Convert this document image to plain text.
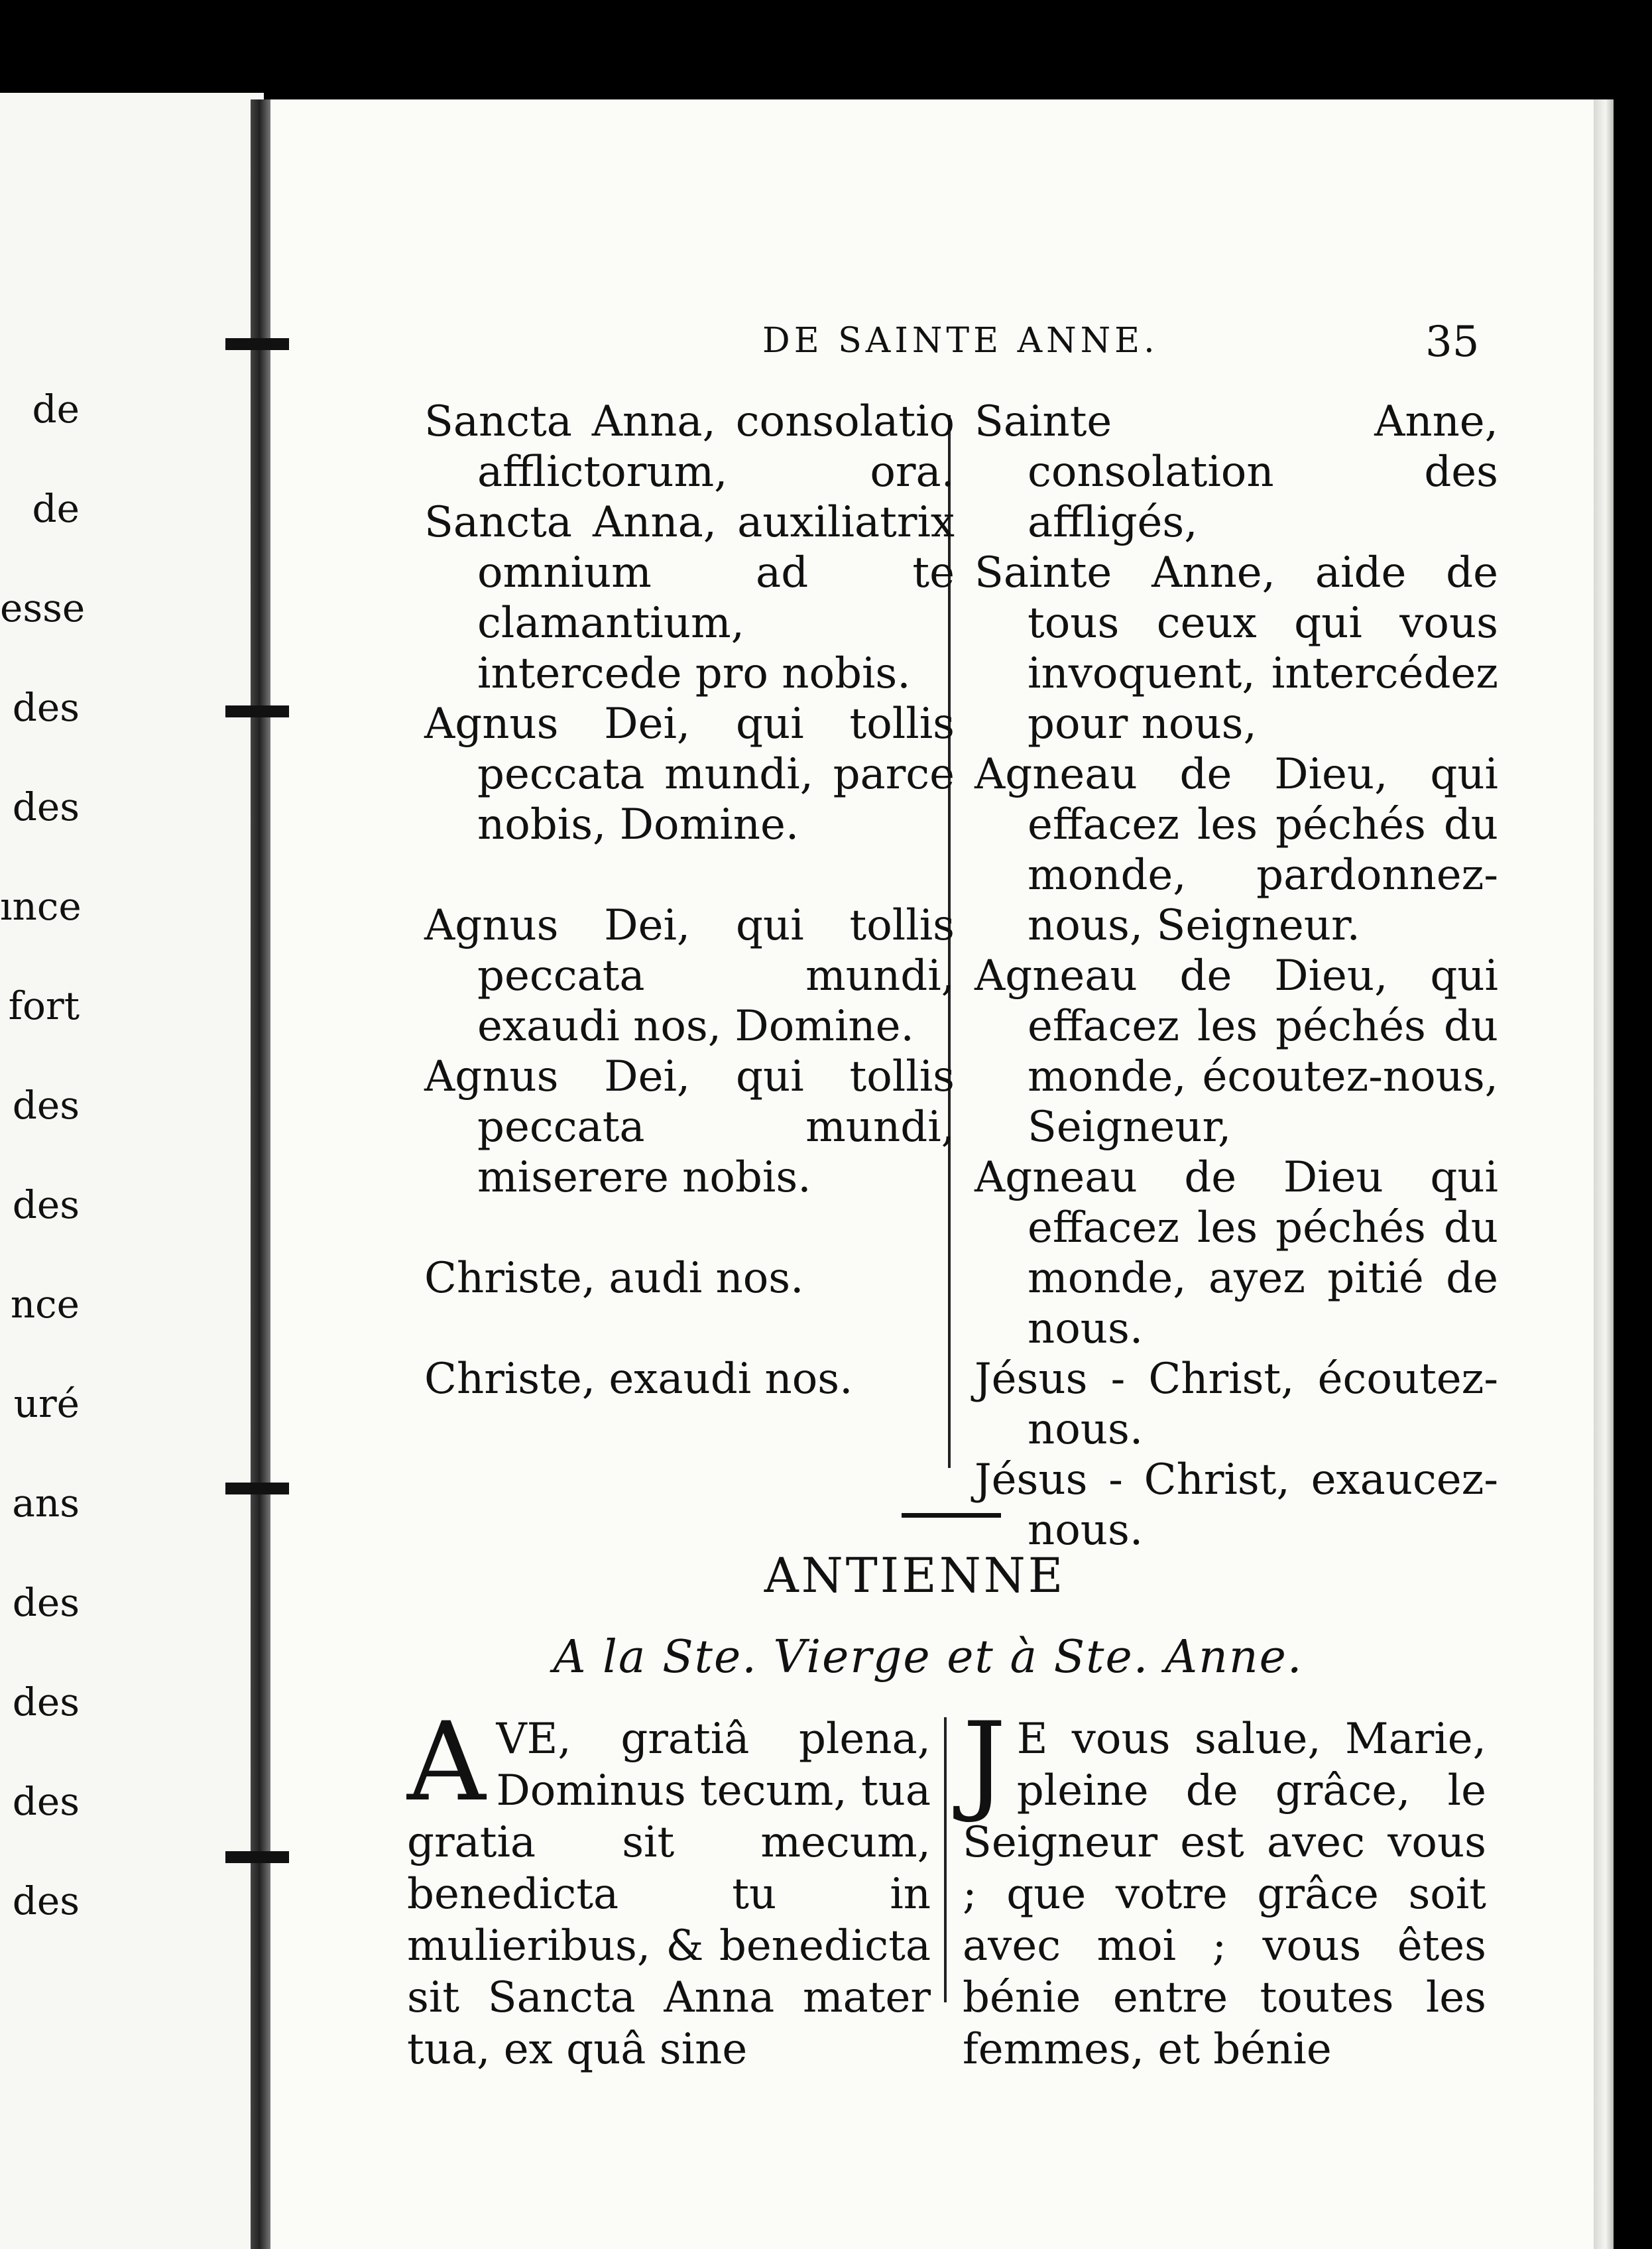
de
de
esse
des
des
ınce
fort
des
des
nce
uré
ans
des
des
des
des
DE SAINTE ANNE.	35

Sancta Anna, consolatio afflictorum, ora.

Sancta Anna, auxiliatrix omnium ad te clamantium, intercede pro nobis.

Agnus Dei, qui tollis peccata mundi, parce nobis, Domine.

Agnus Dei, qui tollis peccata mundi, exaudi nos, Domine.

Agnus Dei, qui tollis peccata mundi, miserere nobis.

Christe, audi nos.

Christe, exaudi nos.

Sainte Anne, consolation des affligés,

Sainte Anne, aide de tous ceux qui vous invoquent, intercédez pour nous,

Agneau de Dieu, qui effacez les péchés du monde, pardonnez-nous, Seigneur.

Agneau de Dieu, qui effacez les péchés du monde, écoutez-nous, Seigneur,

Agneau de Dieu qui effacez les péchés du monde, ayez pitié de nous.

Jésus - Christ, écoutez-nous.

Jésus - Christ, exaucez-nous.

ANTIENNE
A la Ste. Vierge et à Ste. Anne.

AVE, gratiâ plena, Dominus tecum, tua gratia sit mecum, benedicta tu in mulieribus, & benedicta sit Sancta Anna mater tua, ex quâ sine

J E vous salue, Marie, pleine de grâce, le Seigneur est avec vous ; que votre grâce soit avec moi ; vous êtes bénie entre toutes les femmes, et bénie
